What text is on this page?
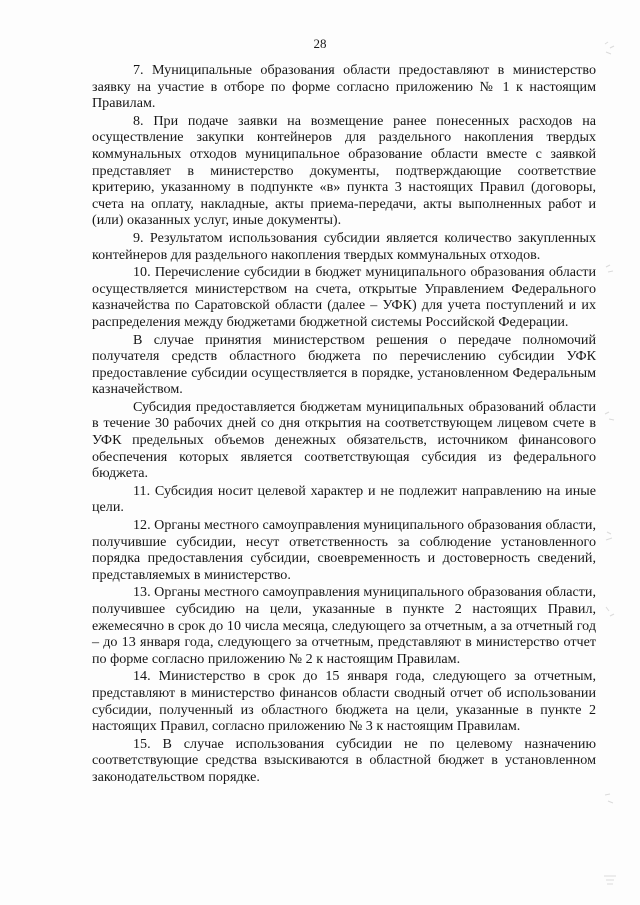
28

7. Муниципальные образования области предоставляют в министерство заявку на участие в отборе по форме согласно приложению № 1 к настоящим Правилам.

8. При подаче заявки на возмещение ранее понесенных расходов на осуществление закупки контейнеров для раздельного накопления твердых коммунальных отходов муниципальное образование области вместе с заявкой представляет в министерство документы, подтверждающие соответствие критерию, указанному в подпункте «в» пункта 3 настоящих Правил (договоры, счета на оплату, накладные, акты приема-передачи, акты выполненных работ и (или) оказанных услуг, иные документы).

9. Результатом использования субсидии является количество закупленных контейнеров для раздельного накопления твердых коммунальных отходов.

10. Перечисление субсидии в бюджет муниципального образования области осуществляется министерством на счета, открытые Управлением Федерального казначейства по Саратовской области (далее – УФК) для учета поступлений и их распределения между бюджетами бюджетной системы Российской Федерации.

В случае принятия министерством решения о передаче полномочий получателя средств областного бюджета по перечислению субсидии УФК предоставление субсидии осуществляется в порядке, установленном Федеральным казначейством.

Субсидия предоставляется бюджетам муниципальных образований области в течение 30 рабочих дней со дня открытия на соответствующем лицевом счете в УФК предельных объемов денежных обязательств, источником финансового обеспечения которых является соответствующая субсидия из федерального бюджета.

11. Субсидия носит целевой характер и не подлежит направлению на иные цели.

12. Органы местного самоуправления муниципального образования области, получившие субсидии, несут ответственность за соблюдение установленного порядка предоставления субсидии, своевременность и достоверность сведений, представляемых в министерство.

13. Органы местного самоуправления муниципального образования области, получившее субсидию на цели, указанные в пункте 2 настоящих Правил, ежемесячно в срок до 10 числа месяца, следующего за отчетным, а за отчетный год – до 13 января года, следующего за отчетным, представляют в министерство отчет по форме согласно приложению № 2 к настоящим Правилам.

14. Министерство в срок до 15 января года, следующего за отчетным, представляют в министерство финансов области сводный отчет об использовании субсидии, полученный из областного бюджета на цели, указанные в пункте 2 настоящих Правил, согласно приложению № 3 к настоящим Правилам.

15. В случае использования субсидии не по целевому назначению соответствующие средства взыскиваются в областной бюджет в установленном законодательством порядке.
